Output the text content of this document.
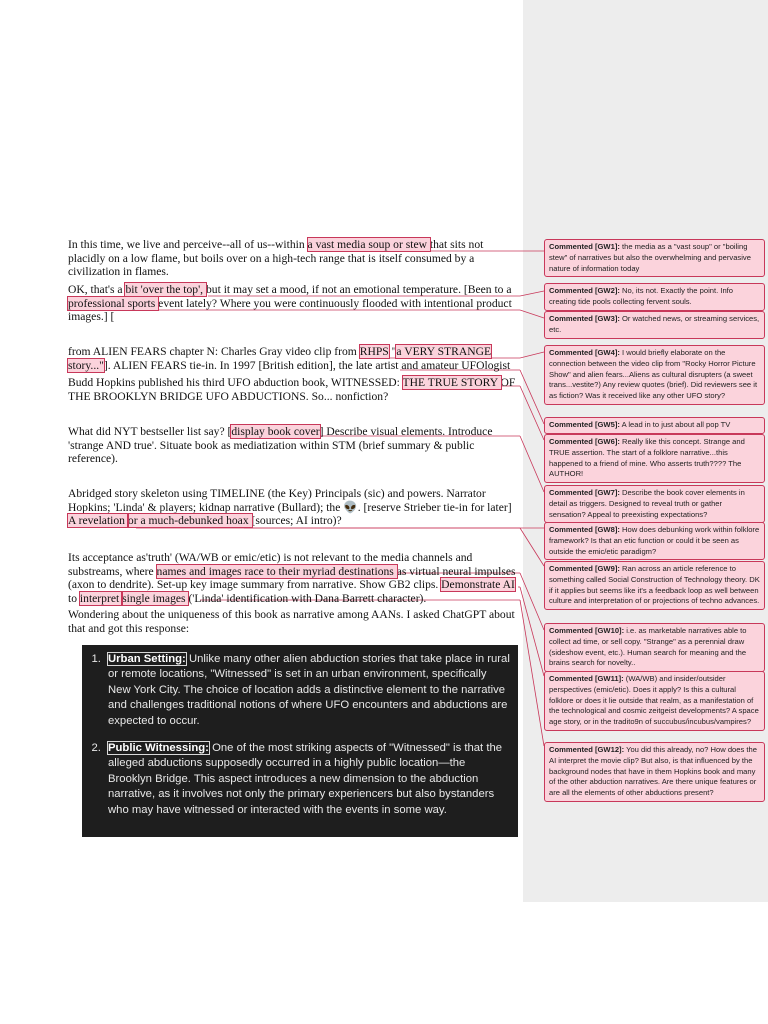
In this time, we live and perceive--all of us--within a vast media soup or stew that sits not placidly on a low flame, but boils over on a high-tech range that is itself consumed by a civilization in flames.

OK, that's a bit 'over the top', but it may set a mood, if not an emotional temperature. [Been to a professional sports event lately? Where you were continuously flooded with intentional product images.] [

from ALIEN FEARS chapter N: Charles Gray video clip from RHPS "a VERY STRANGE story..."]. ALIEN FEARS tie-in. In 1997 [British edition], the late artist and amateur UFOlogist

Budd Hopkins published his third UFO abduction book, WITNESSED: THE TRUE STORY OF THE BROOKLYN BRIDGE UFO ABDUCTIONS. So... nonfiction?

What did NYT bestseller list say? [display book cover] Describe visual elements. Introduce 'strange AND true'. Situate book as mediatization within STM (brief summary & public reference).

Abridged story skeleton using TIMELINE (the Key) Principals (sic) and powers. Narrator Hopkins; 'Linda' & players; kidnap narrative (Bullard); the 👽. [reserve Strieber tie-in for later] A revelation or a much-debunked hoax [sources; AI intro)?

Its acceptance as'truth' (WA/WB or emic/etic) is not relevant to the media channels and substreams, where names and images race to their myriad destinations as virtual neural impulses (axon to dendrite). Set-up key image summary from narrative. Show GB2 clips. Demonstrate AI to interpret single images ('Linda' identification with Dana Barrett character).

Wondering about the uniqueness of this book as narrative among AANs. I asked ChatGPT about that and got this response:

1. Urban Setting: Unlike many other alien abduction stories that take place in rural or remote locations, "Witnessed" is set in an urban environment, specifically New York City. The choice of location adds a distinctive element to the narrative and challenges traditional notions of where UFO encounters and abductions are expected to occur.
2. Public Witnessing: One of the most striking aspects of "Witnessed" is that the alleged abductions supposedly occurred in a highly public location—the Brooklyn Bridge. This aspect introduces a new dimension to the abduction narrative, as it involves not only the primary experiencers but also bystanders who may have witnessed or interacted with the events in some way.
Commented [GW1]: the media as a "vast soup" or "boiling stew" of narratives but also the overwhelming and pervasive nature of information today
Commented [GW2]: No, its not. Exactly the point. Info creating tide pools collecting fervent souls.
Commented [GW3]: Or watched news, or streaming services, etc.
Commented [GW4]: I would briefly elaborate on the connection between the video clip from "Rocky Horror Picture Show" and alien fears...Aliens as cultural disrupters (a sweet trans...vestite?) Any review quotes (brief). Did reviewers see it as fiction? Was it received like any other UFO story?
Commented [GW5]: A lead in to just about all pop TV
Commented [GW6]: Really like this concept. Strange and TRUE assertion. The start of a folklore narrative...this happened to a friend of mine. Who asserts truth???? The AUTHOR!
Commented [GW7]: Describe the book cover elements in detail as triggers. Designed to reveal truth or gather sensation? Appeal to preexisting expectations?
Commented [GW8]: How does debunking work within folklore framework? Is that an etic function or could it be seen as outside the emic/etic paradigm?
Commented [GW9]: Ran across an article reference to something called Social Construction of Technology theory. DK if it applies but seems like it's a feedback loop as well between culture and interpretation of or projections of techno advances.
Commented [GW10]: i.e. as marketable narratives able to collect ad time, or sell copy. "Strange" as a perennial draw (sideshow event, etc.). Human search for meaning and the brains search for novelty..
Commented [GW11]: (WA/WB) and insider/outsider perspectives (emic/etic). Does it apply? Is this a cultural folklore or does it lie outside that realm, as a manifestation of the technological and cosmic zeitgeist developments? A space age story, or in the tradito9n of succubus/incubus/vampires?
Commented [GW12]: You did this already, no? How does the AI interpret the movie clip? But also, is that influenced by the background nodes that have in them Hopkins book and many of the other abduction narratives. Are there unique features or are all the elements of other abductions present?
